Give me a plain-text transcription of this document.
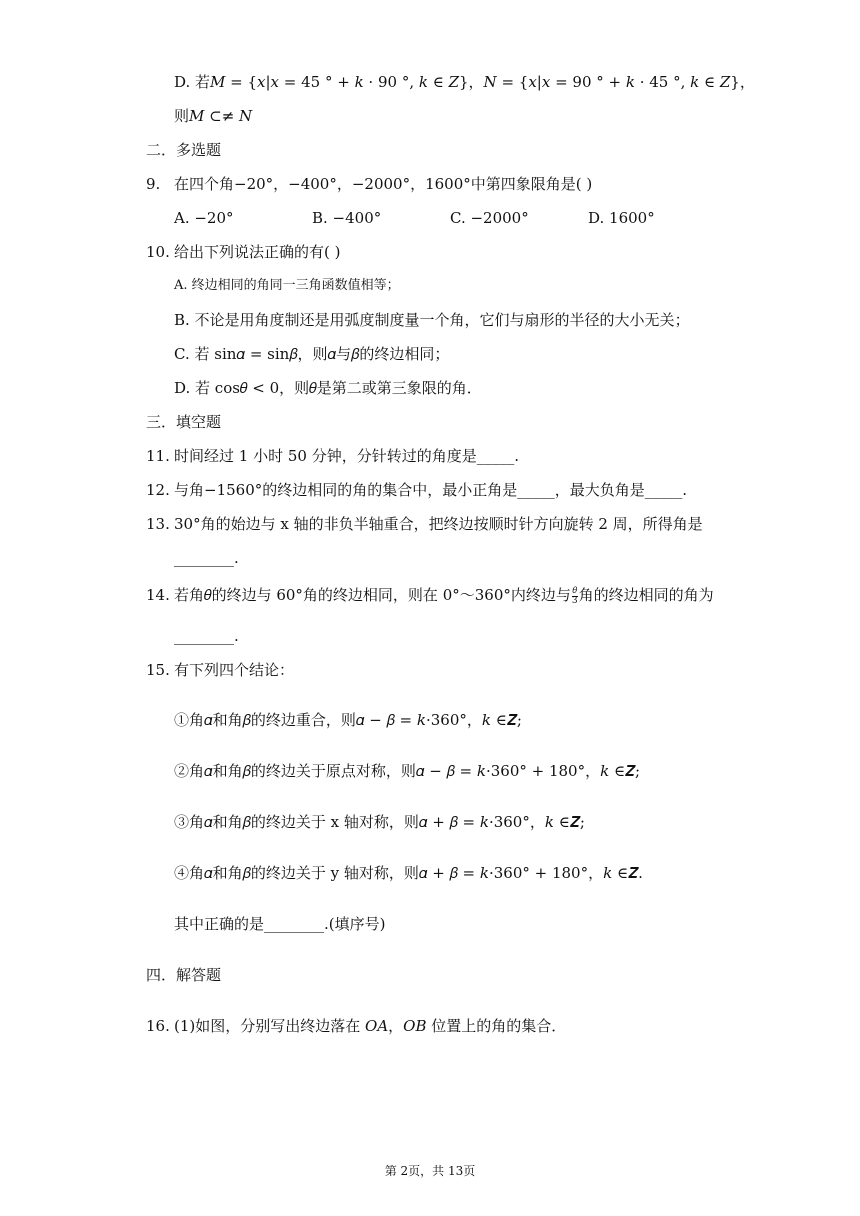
D. 若𝑀 = {𝑥|𝑥 = 45 ° + 𝑘 · 90 °, 𝑘 ∈ 𝑍}，𝑁 = {𝑥|𝑥 = 90 ° + 𝑘 · 45 °, 𝑘 ∈ 𝑍}，
则𝑀 ⊂≠ 𝑁
二．多选题
9. 在四个角−20°，−400°，−2000°，1600°中第四象限角是( )
A. −20°	B. −400°	C. −2000°	D. 1600°
10. 给出下列说法正确的有( )
A. 终边相同的角同一三角函数值相等；
B. 不论是用角度制还是用弧度制度量一个角，它们与扇形的半径的大小无关；
C. 若 sin𝛼 = sin𝛽，则𝛼与𝛽的终边相同；
D. 若 cos𝜃 < 0，则𝜃是第二或第三象限的角．
三．填空题
11. 时间经过 1 小时 50 分钟，分针转过的角度是_____.
12. 与角−1560°的终边相同的角的集合中，最小正角是_____，最大负角是_____.
13. 30°角的始边与 x 轴的非负半轴重合，把终边按顺时针方向旋转 2 周，所得角是
________.
14. 若角𝜃的终边与 60°角的终边相同，则在 0°～360°内终边与 $\frac{\text{𝜃}}{3}$ 角的终边相同的角为
________.
15. 有下列四个结论：
①角𝛼和角𝛽的终边重合，则𝛼 − 𝛽 = 𝑘·360°，𝑘 ∈𝒁;
②角𝛼和角𝛽的终边关于原点对称，则𝛼 − 𝛽 = 𝑘·360° + 180°，𝑘 ∈𝒁;
③角𝛼和角𝛽的终边关于 x 轴对称，则𝛼 + 𝛽 = 𝑘·360°，𝑘 ∈𝒁;
④角𝛼和角𝛽的终边关于 y 轴对称，则𝛼 + 𝛽 = 𝑘·360° + 180°，𝑘 ∈𝒁.
其中正确的是________.(填序号)
四．解答题
16. (1)如图，分别写出终边落在 𝑂𝐴，𝑂𝐵 位置上的角的集合．
第 2页，共 13页
